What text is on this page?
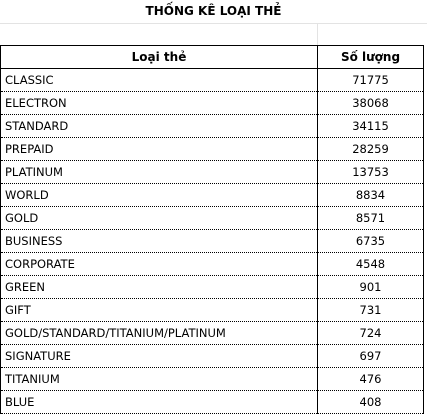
THỐNG KÊ LOẠI THẺ
Loại thẻ	Số lượng
CLASSIC	71775
ELECTRON	38068
STANDARD	34115
PREPAID	28259
PLATINUM	13753
WORLD	8834
GOLD	8571
BUSINESS	6735
CORPORATE	4548
GREEN	901
GIFT	731
GOLD/STANDARD/TITANIUM/PLATINUM	724
SIGNATURE	697
TITANIUM	476
BLUE	408
